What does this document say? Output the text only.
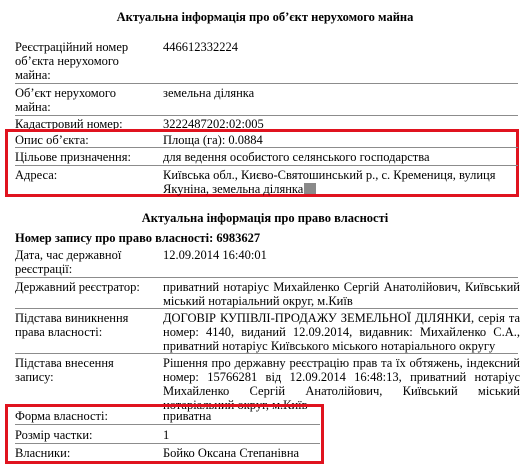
Актуальна інформація про об’єкт нерухомого майна
Реєстраційний номер об’єкта нерухомого майна:
446612332224
Об’єкт нерухомого майна:
земельна ділянка
Кадастровий номер:	3222487202:02:005
Опис об’єкта:	Площа (га): 0.0884
Цільове призначення:	для ведення особистого селянського господарства
Адреса:	Київська обл., Києво-Святошинський р., с. Кремениця, вулиця Якуніна, земельна ділянка
Актуальна інформація про право власності
Номер запису про право власності: 6983627
Дата, час державної реєстрації:
12.09.2014 16:40:01
Державний реєстратор:	приватний нотаріус Михайленко Сергій Анатолійович, Київський міський нотаріальний округ, м.Київ
Підстава виникнення права власності:
ДОГОВІР КУПІВЛІ-ПРОДАЖУ ЗЕМЕЛЬНОЇ ДІЛЯНКИ, серія та номер: 4140, виданий 12.09.2014, видавник: Михайленко С.А., приватний нотаріус Київського міського нотаріального округу
Підстава внесення запису:
Рішення про державну реєстрацію прав та їх обтяжень, індексний номер: 15766281 від 12.09.2014 16:48:13, приватний нотаріус Михайленко Сергій Анатолійович, Київський міський нотаріальний округ, м.Київ
Форма власності:	приватна
Розмір частки:	1
Власники:	Бойко Оксана Степанівна
